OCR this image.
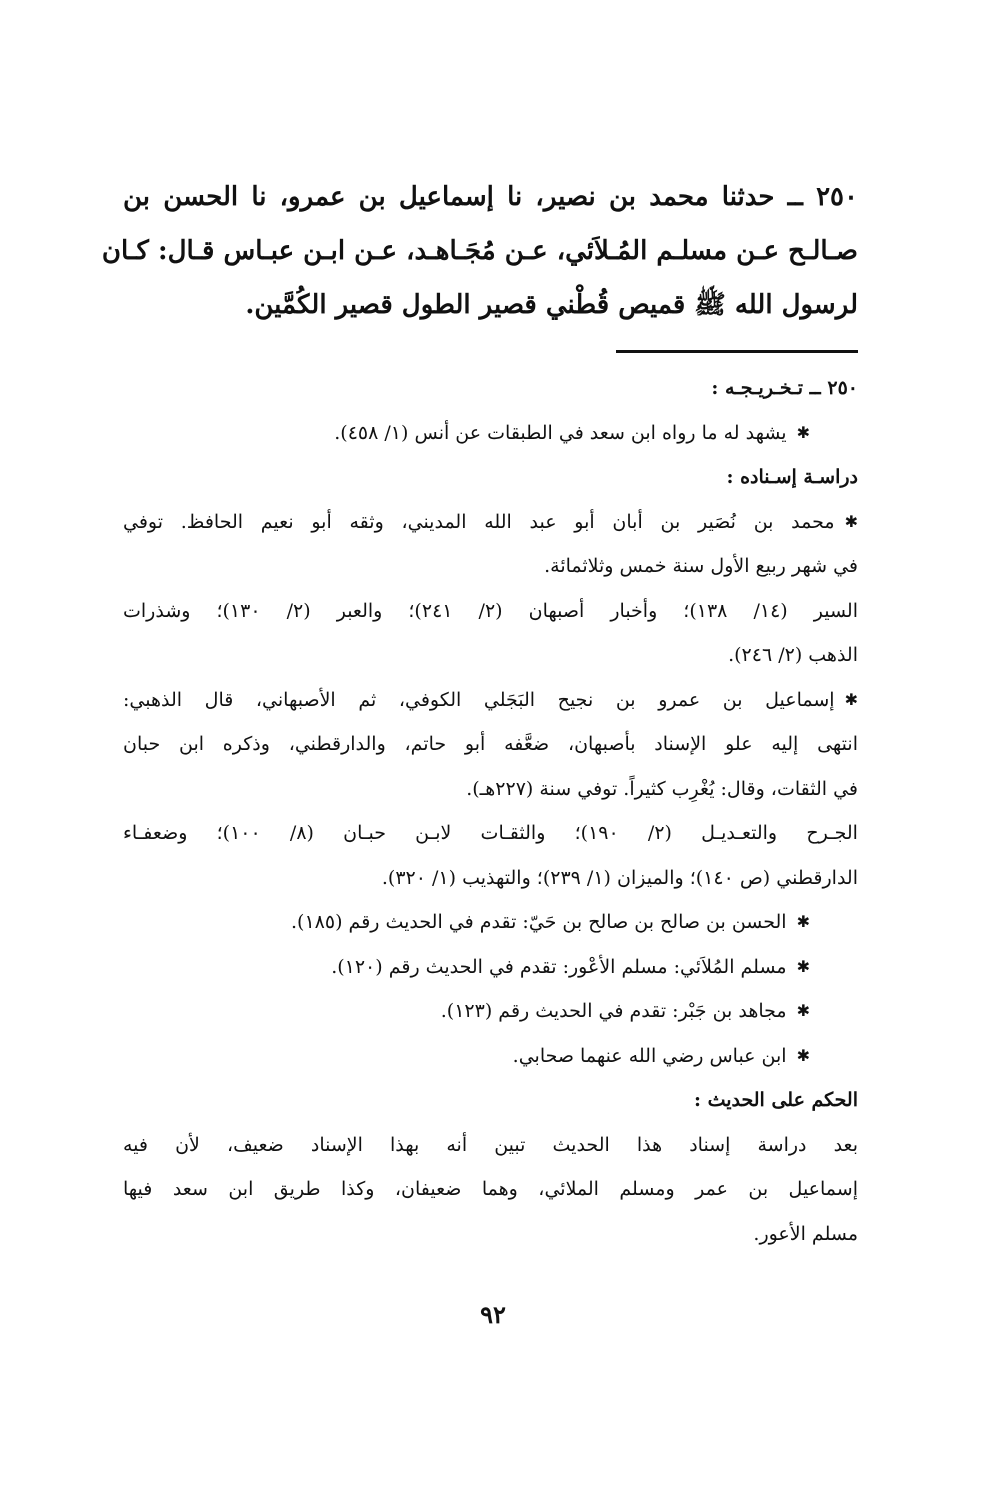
٢٥٠ ــ حدثنا محمد بن نصير، نا إسماعيل بن عمرو، نا الحسن بن
صـالـح عـن مسلـم المُـلاَئي، عـن مُجَـاهـد، عـن ابـن عبـاس قـال: كـان
لرسول الله ﷺ قميص قُطْني قصير الطول قصير الكُمَّين.
٢٥٠ ــ تـخـريـجـه :
✱يشهد له ما رواه ابن سعد في الطبقات عن أنس (١/ ٤٥٨).
دراسـة إسـناده :
✱محمد بن نُصَير بن أبان أبو عبد الله المديني، وثقه أبو نعيم الحافظ. توفي
في شهر ربيع الأول سنة خمس وثلاثمائة.
السير (١٤/ ١٣٨)؛ وأخبار أصبهان (٢/ ٢٤١)؛ والعبر (٢/ ١٣٠)؛ وشذرات
الذهب (٢/ ٢٤٦).
✱إسماعيل بن عمرو بن نجيح البَجَلي الكوفي، ثم الأصبهاني، قال الذهبي:
انتهى إليه علو الإسناد بأصبهان، ضعَّفه أبو حاتم، والدارقطني، وذكره ابن حبان
في الثقات، وقال: يُغْرِب كثيراً. توفي سنة (٢٢٧هـ).
الجـرح والتعـديـل (٢/ ١٩٠)؛ والثقـات لابـن حبـان (٨/ ١٠٠)؛ وضعفـاء
الدارقطني (ص ١٤٠)؛ والميزان (١/ ٢٣٩)؛ والتهذيب (١/ ٣٢٠).
✱الحسن بن صالح بن صالح بن حَيّ: تقدم في الحديث رقم (١٨٥).
✱مسلم المُلاَئي: مسلم الأعْور: تقدم في الحديث رقم (١٢٠).
✱مجاهد بن جَبْر: تقدم في الحديث رقم (١٢٣).
✱ابن عباس رضي الله عنهما صحابي.
الحكم على الحديث :
بعد دراسة إسناد هذا الحديث تبين أنه بهذا الإسناد ضعيف، لأن فيه
إسماعيل بن عمر ومسلم الملائي، وهما ضعيفان، وكذا طريق ابن سعد فيها
مسلم الأعور.
٩٢
